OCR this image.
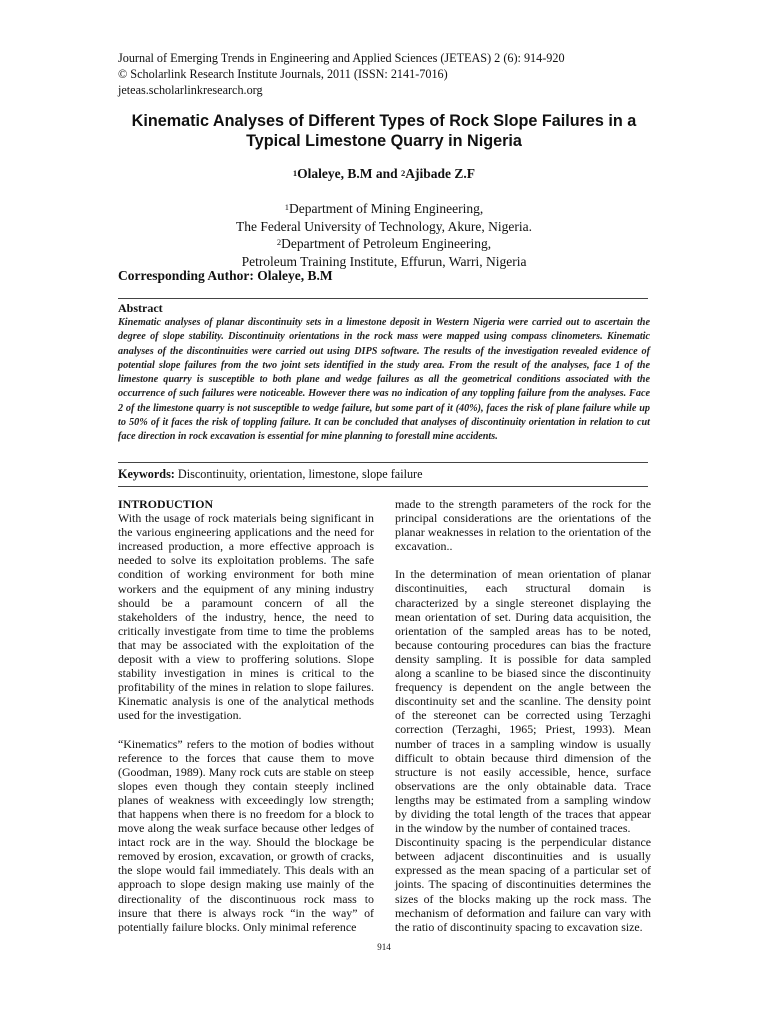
Journal of Emerging Trends in Engineering and Applied Sciences (JETEAS) 2 (6): 914-920
© Scholarlink Research Institute Journals, 2011 (ISSN: 2141-7016)
jeteas.scholarlinkresearch.org
Kinematic Analyses of Different Types of Rock Slope Failures in a
Typical Limestone Quarry in Nigeria
$^1$Olaleye, B.M and $^2$Ajibade Z.F
$^1$Department of Mining Engineering,
The Federal University of Technology, Akure, Nigeria.
$^2$Department of Petroleum Engineering,
Petroleum Training Institute, Effurun, Warri, Nigeria
Corresponding Author: Olaleye, B.M
Abstract
Kinematic analyses of planar discontinuity sets in a limestone deposit in Western Nigeria were carried out to ascertain the degree of slope stability. Discontinuity orientations in the rock mass were mapped using compass clinometers. Kinematic analyses of the discontinuities were carried out using DIPS software. The results of the investigation revealed evidence of potential slope failures from the two joint sets identified in the study area. From the result of the analyses, face 1 of the limestone quarry is susceptible to both plane and wedge failures as all the geometrical conditions associated with the occurrence of such failures were noticeable. However there was no indication of any toppling failure from the analyses. Face 2 of the limestone quarry is not susceptible to wedge failure, but some part of it (40%), faces the risk of plane failure while up to 50% of it faces the risk of toppling failure. It can be concluded that analyses of discontinuity orientation in relation to cut face direction in rock excavation is essential for mine planning to forestall mine accidents.
Keywords: Discontinuity, orientation, limestone, slope failure
INTRODUCTION

With the usage of rock materials being significant in the various engineering applications and the need for increased production, a more effective approach is needed to solve its exploitation problems. The safe condition of working environment for both mine workers and the equipment of any mining industry should be a paramount concern of all the stakeholders of the industry, hence, the need to critically investigate from time to time the problems that may be associated with the exploitation of the deposit with a view to proffering solutions. Slope stability investigation in mines is critical to the profitability of the mines in relation to slope failures. Kinematic analysis is one of the analytical methods used for the investigation.

“Kinematics” refers to the motion of bodies without reference to the forces that cause them to move (Goodman, 1989). Many rock cuts are stable on steep slopes even though they contain steeply inclined planes of weakness with exceedingly low strength; that happens when there is no freedom for a block to move along the weak surface because other ledges of intact rock are in the way. Should the blockage be removed by erosion, excavation, or growth of cracks, the slope would fail immediately. This deals with an approach to slope design making use mainly of the directionality of the discontinuous rock mass to insure that there is always rock “in the way” of potentially failure blocks. Only minimal reference

made to the strength parameters of the rock for the principal considerations are the orientations of the planar weaknesses in relation to the orientation of the excavation..

In the determination of mean orientation of planar discontinuities, each structural domain is characterized by a single stereonet displaying the mean orientation of set. During data acquisition, the orientation of the sampled areas has to be noted, because contouring procedures can bias the fracture density sampling. It is possible for data sampled along a scanline to be biased since the discontinuity frequency is dependent on the angle between the discontinuity set and the scanline. The density point of the stereonet can be corrected using Terzaghi correction (Terzaghi, 1965; Priest, 1993). Mean number of traces in a sampling window is usually difficult to obtain because third dimension of the structure is not easily accessible, hence, surface observations are the only obtainable data. Trace lengths may be estimated from a sampling window by dividing the total length of the traces that appear in the window by the number of contained traces.

Discontinuity spacing is the perpendicular distance between adjacent discontinuities and is usually expressed as the mean spacing of a particular set of joints. The spacing of discontinuities determines the sizes of the blocks making up the rock mass. The mechanism of deformation and failure can vary with the ratio of discontinuity spacing to excavation size.

914
